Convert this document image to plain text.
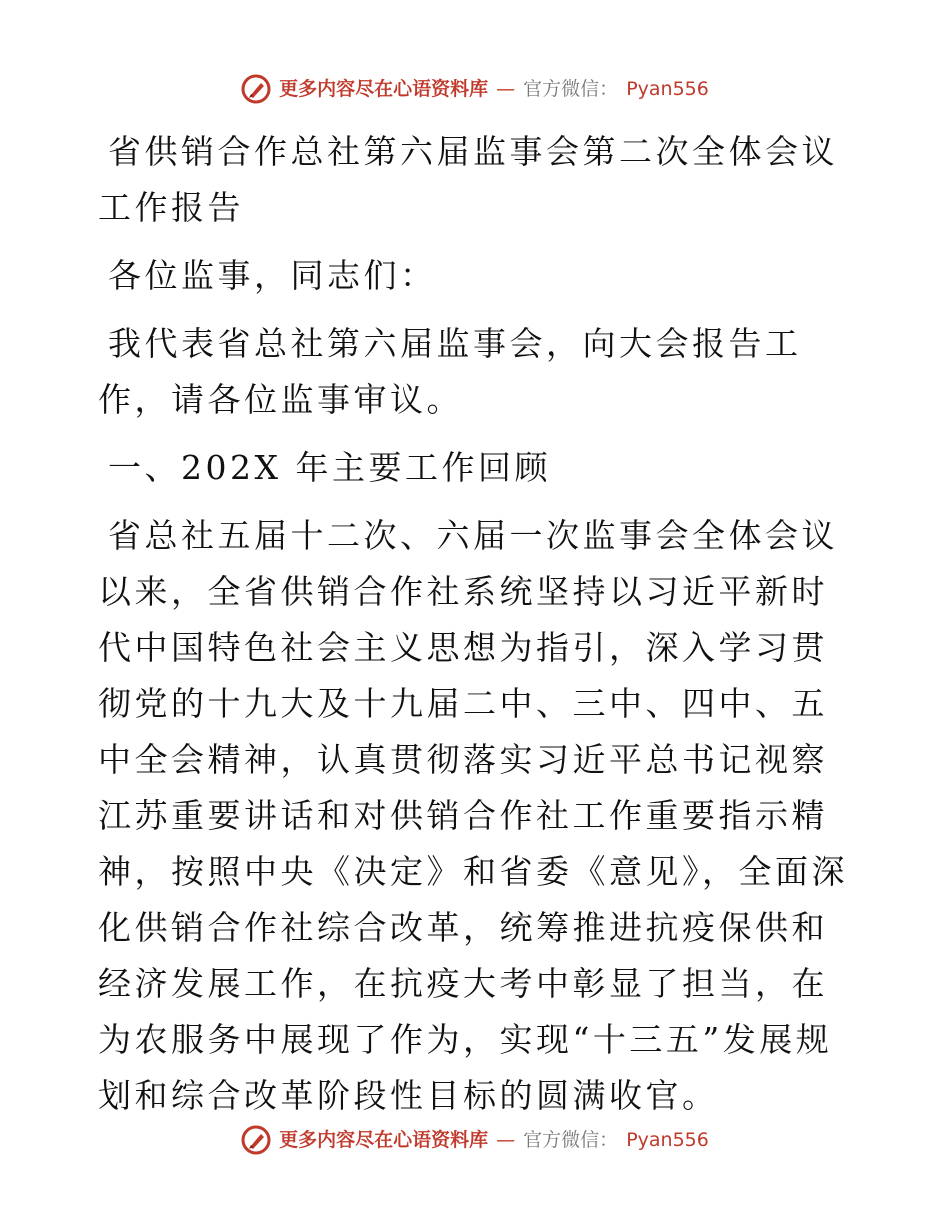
更多内容尽在心语资料库 — 官方微信： Pyan556

省供销合作总社第六届监事会第二次全体会议工作报告

各位监事，同志们：

我代表省总社第六届监事会，向大会报告工作，请各位监事审议。

一、202X 年主要工作回顾

省总社五届十二次、六届一次监事会全体会议以来，全省供销合作社系统坚持以习近平新时代中国特色社会主义思想为指引，深入学习贯彻党的十九大及十九届二中、三中、四中、五中全会精神，认真贯彻落实习近平总书记视察江苏重要讲话和对供销合作社工作重要指示精神，按照中央《决定》和省委《意见》，全面深化供销合作社综合改革，统筹推进抗疫保供和经济发展工作，在抗疫大考中彰显了担当，在为农服务中展现了作为，实现“十三五”发展规划和综合改革阶段性目标的圆满收官。

更多内容尽在心语资料库 — 官方微信： Pyan556
